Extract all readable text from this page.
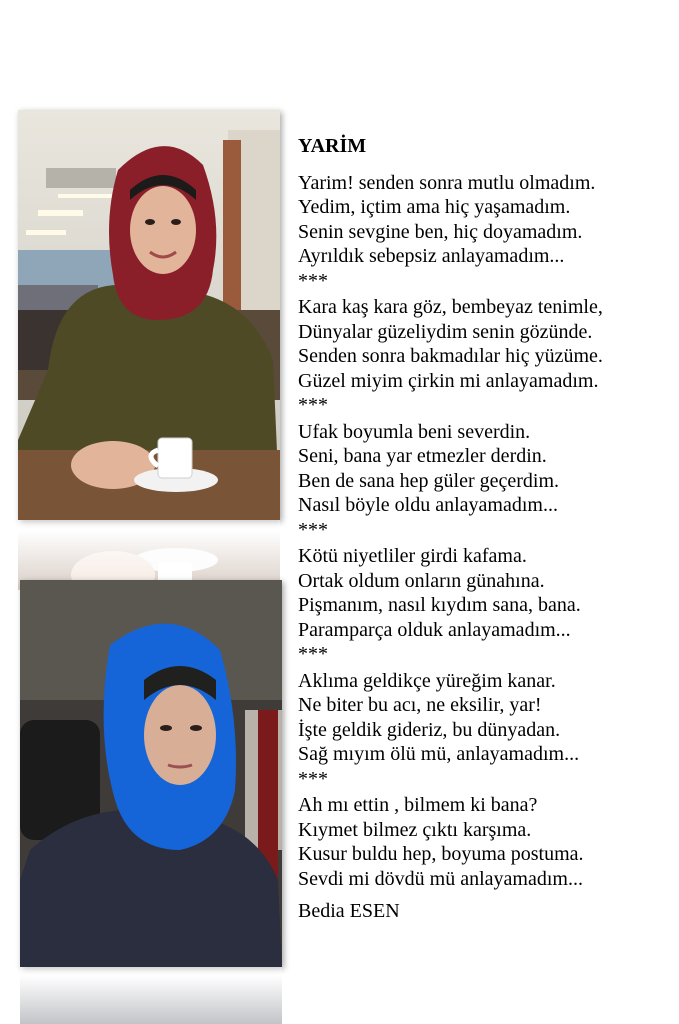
YARİM
Yarim! senden sonra mutlu olmadım.
Yedim, içtim ama hiç yaşamadım.
Senin sevgine ben, hiç doyamadım.
Ayrıldık sebepsiz anlayamadım...
***
Kara kaş kara göz, bembeyaz tenimle,
Dünyalar güzeliydim senin gözünde.
Senden sonra bakmadılar hiç yüzüme.
Güzel miyim çirkin mi anlayamadım.
***
Ufak boyumla beni severdin.
Seni, bana yar etmezler derdin.
Ben de sana hep güler geçerdim.
Nasıl böyle oldu anlayamadım...
***
Kötü niyetliler girdi kafama.
Ortak oldum onların günahına.
Pişmanım, nasıl kıydım sana, bana.
Paramparça olduk anlayamadım...
***
Aklıma geldikçe yüreğim kanar.
Ne biter bu acı, ne eksilir, yar!
İşte geldik gideriz, bu dünyadan.
Sağ mıyım ölü mü, anlayamadım...
***
Ah mı ettin , bilmem ki bana?
Kıymet bilmez çıktı karşıma.
Kusur buldu hep, boyuma postuma.
Sevdi mi dövdü mü anlayamadım...
Bedia ESEN
